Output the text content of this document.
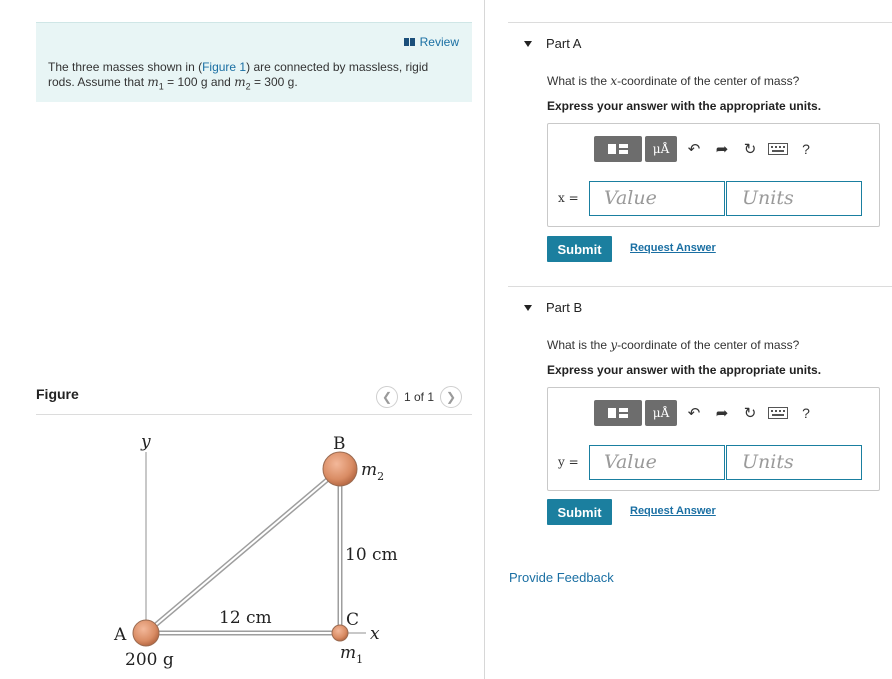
Review
The three masses shown in (Figure 1) are connected by massless, rigid rods. Assume that $m_1 = 100$ g and $m_2 = 300$ g.
Figure	❮ 1 of 1 ❯
y
x
B
A
C
200 g
$m_2$
$m_1$
12 cm
10 cm
Part A
What is the x-coordinate of the center of mass?
Express your answer with the appropriate units.
μÅ	↶ ➦ ↻	?
x =	Value	Units
Submit	Request Answer
Part B
What is the y-coordinate of the center of mass?
Express your answer with the appropriate units.
μÅ	↶ ➦ ↻	?
y =	Value	Units
Submit	Request Answer
Provide Feedback
